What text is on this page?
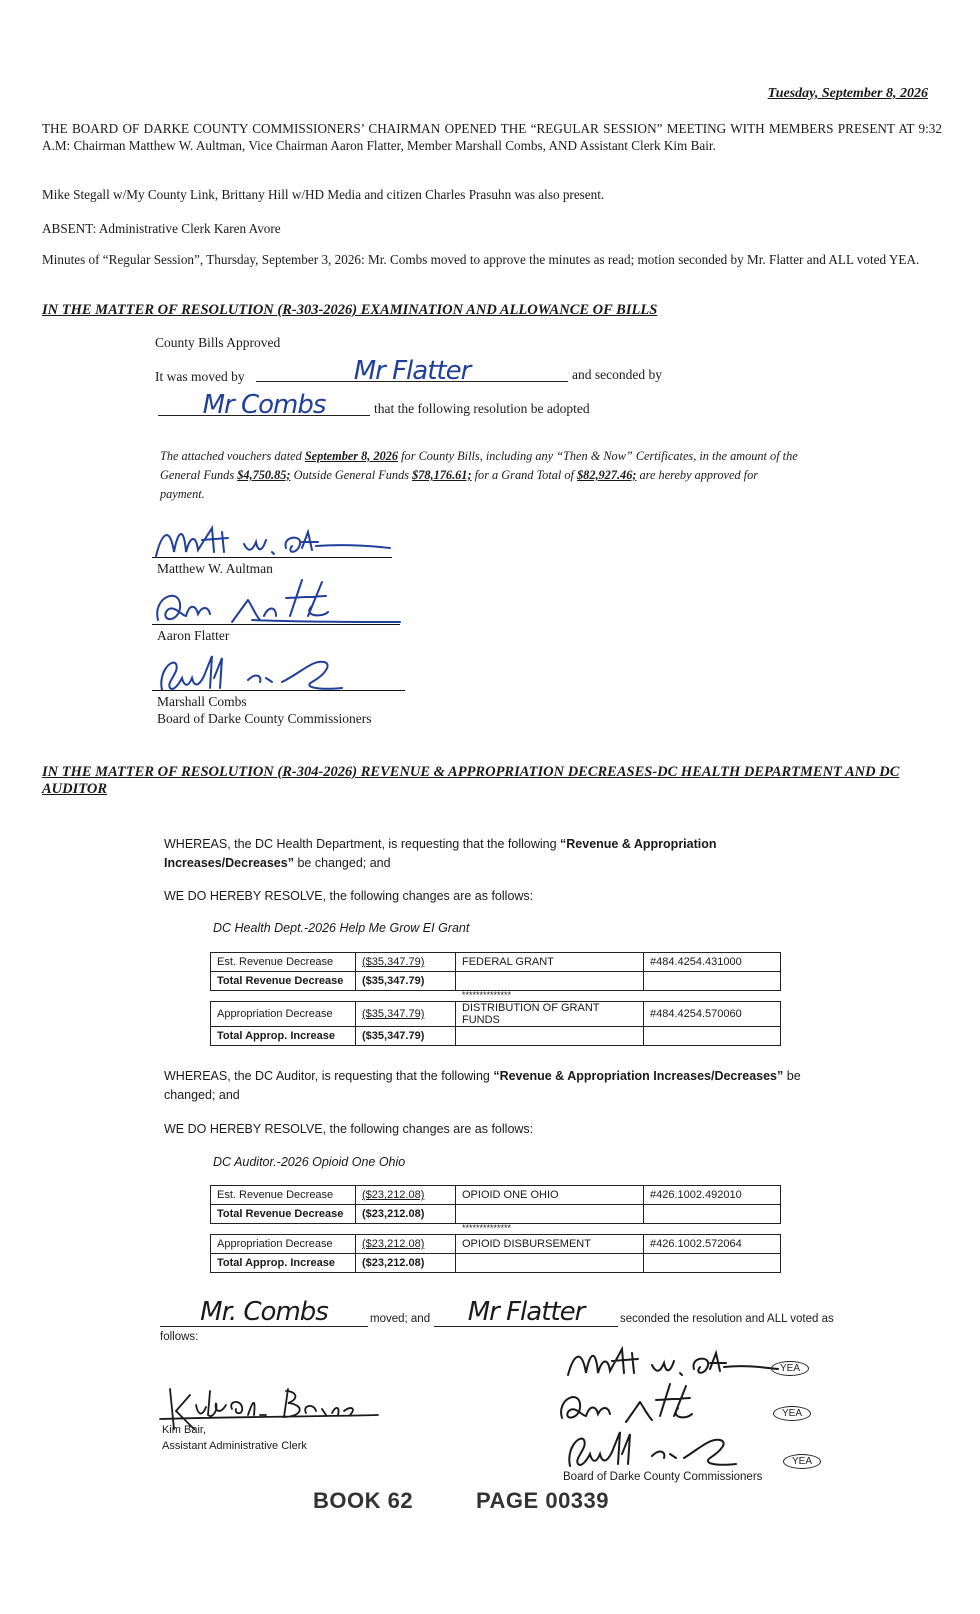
Tuesday, September 8, 2026
THE BOARD OF DARKE COUNTY COMMISSIONERS’ CHAIRMAN OPENED THE “REGULAR SESSION” MEETING WITH MEMBERS PRESENT AT 9:32 A.M: Chairman Matthew W. Aultman, Vice Chairman Aaron Flatter, Member Marshall Combs, AND Assistant Clerk Kim Bair.
Mike Stegall w/My County Link, Brittany Hill w/HD Media and citizen Charles Prasuhn was also present.
ABSENT: Administrative Clerk Karen Avore
Minutes of “Regular Session”, Thursday, September 3, 2026: Mr. Combs moved to approve the minutes as read; motion seconded by Mr. Flatter and ALL voted YEA.
IN THE MATTER OF RESOLUTION (R-303-2026) EXAMINATION AND ALLOWANCE OF BILLS
County Bills Approved
It was moved by	Mr Flatter	and seconded by
Mr Combs	that the following resolution be adopted
The attached vouchers dated September 8, 2026 for County Bills, including any “Then & Now” Certificates, in the amount of the General Funds $4,750.85; Outside General Funds $78,176.61; for a Grand Total of $82,927.46; are hereby approved for payment.
Matthew W. Aultman
Aaron Flatter
Marshall Combs
Board of Darke County Commissioners
IN THE MATTER OF RESOLUTION (R-304-2026) REVENUE & APPROPRIATION DECREASES-DC HEALTH DEPARTMENT AND DC AUDITOR
WHEREAS, the DC Health Department, is requesting that the following “Revenue & Appropriation Increases/Decreases” be changed; and
WE DO HEREBY RESOLVE, the following changes are as follows:
DC Health Dept.-2026 Help Me Grow EI Grant
Est. Revenue Decrease	($35,347.79)	FEDERAL GRANT	#484.4254.431000
Total Revenue Decrease	($35,347.79)		
**************
Appropriation Decrease	($35,347.79)	DISTRIBUTION OF GRANT FUNDS	#484.4254.570060
Total Approp. Increase	($35,347.79)		
WHEREAS, the DC Auditor, is requesting that the following “Revenue & Appropriation Increases/Decreases” be changed; and
WE DO HEREBY RESOLVE, the following changes are as follows:
DC Auditor.-2026 Opioid One Ohio
Est. Revenue Decrease	($23,212.08)	OPIOID ONE OHIO	#426.1002.492010
Total Revenue Decrease	($23,212.08)		
**************
Appropriation Decrease	($23,212.08)	OPIOID DISBURSEMENT	#426.1002.572064
Total Approp. Increase	($23,212.08)		
Mr. Combs	moved; and	Mr Flatter	seconded the resolution and ALL voted as
follows:
YEA
YEA
YEA
Board of Darke County Commissioners
Kim Bair,
Assistant Administrative Clerk
BOOK 62	PAGE 00339
